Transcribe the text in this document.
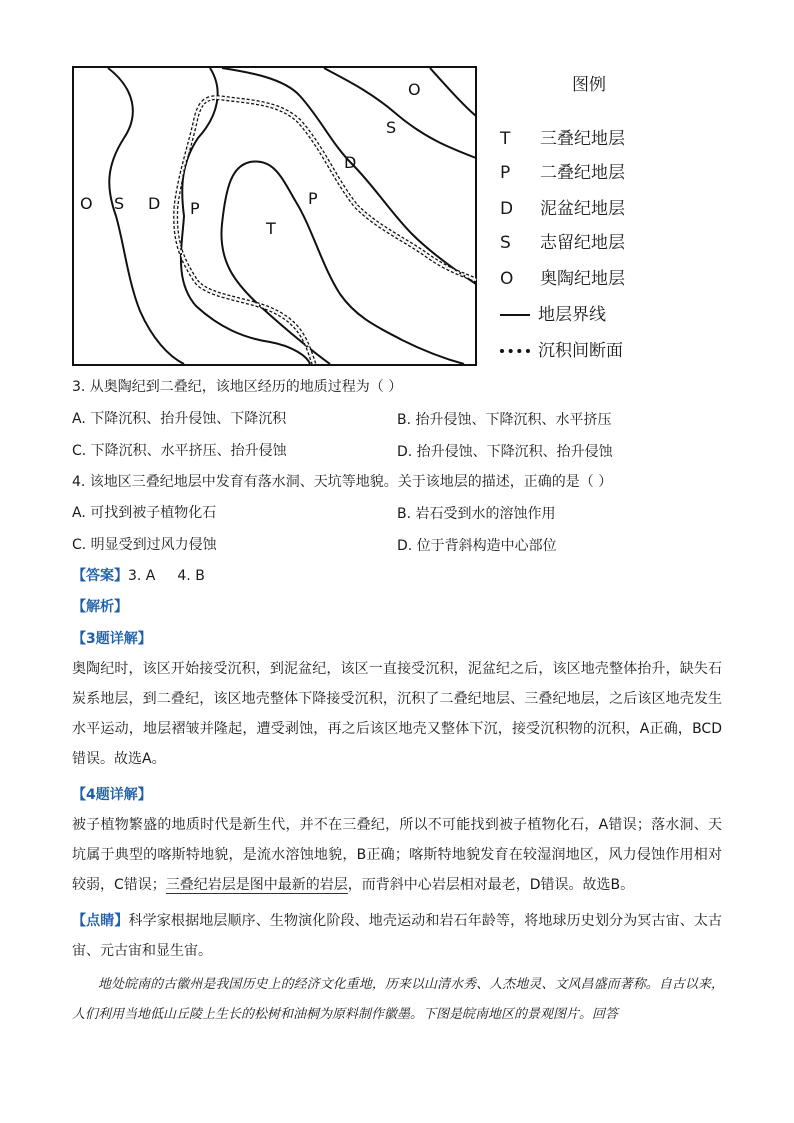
O S D P
T
P
D
S
O	图例
T 三叠纪地层
P 二叠纪地层
D 泥盆纪地层
S 志留纪地层
O 奥陶纪地层
地层界线
沉积间断面
3. 从奥陶纪到二叠纪，该地区经历的地质过程为（ ）
A. 下降沉积、抬升侵蚀、下降沉积	B. 抬升侵蚀、下降沉积、水平挤压
C. 下降沉积、水平挤压、抬升侵蚀	D. 抬升侵蚀、下降沉积、抬升侵蚀
4. 该地区三叠纪地层中发育有落水洞、天坑等地貌。关于该地层的描述，正确的是（ ）
A. 可找到被子植物化石	B. 岩石受到水的溶蚀作用
C. 明显受到过风力侵蚀	D. 位于背斜构造中心部位
【答案】3. A 4. B
【解析】
【3题详解】
奥陶纪时，该区开始接受沉积，到泥盆纪，该区一直接受沉积，泥盆纪之后，该区地壳整体抬升，缺失石炭系地层，到二叠纪，该区地壳整体下降接受沉积，沉积了二叠纪地层、三叠纪地层，之后该区地壳发生水平运动，地层褶皱并隆起，遭受剥蚀，再之后该区地壳又整体下沉，接受沉积物的沉积，A正确，BCD错误。故选A。
【4题详解】
被子植物繁盛的地质时代是新生代，并不在三叠纪，所以不可能找到被子植物化石，A错误；落水洞、天坑属于典型的喀斯特地貌，是流水溶蚀地貌，B正确；喀斯特地貌发育在较湿润地区，风力侵蚀作用相对较弱，C错误；三叠纪岩层是图中最新的岩层，而背斜中心岩层相对最老，D错误。故选B。
【点睛】科学家根据地层顺序、生物演化阶段、地壳运动和岩石年龄等，将地球历史划分为冥古宙、太古宙、元古宙和显生宙。
地处皖南的古徽州是我国历史上的经济文化重地，历来以山清水秀、人杰地灵、文风昌盛而著称。自古以来，人们利用当地低山丘陵上生长的松树和油桐为原料制作徽墨。下图是皖南地区的景观图片。回答
